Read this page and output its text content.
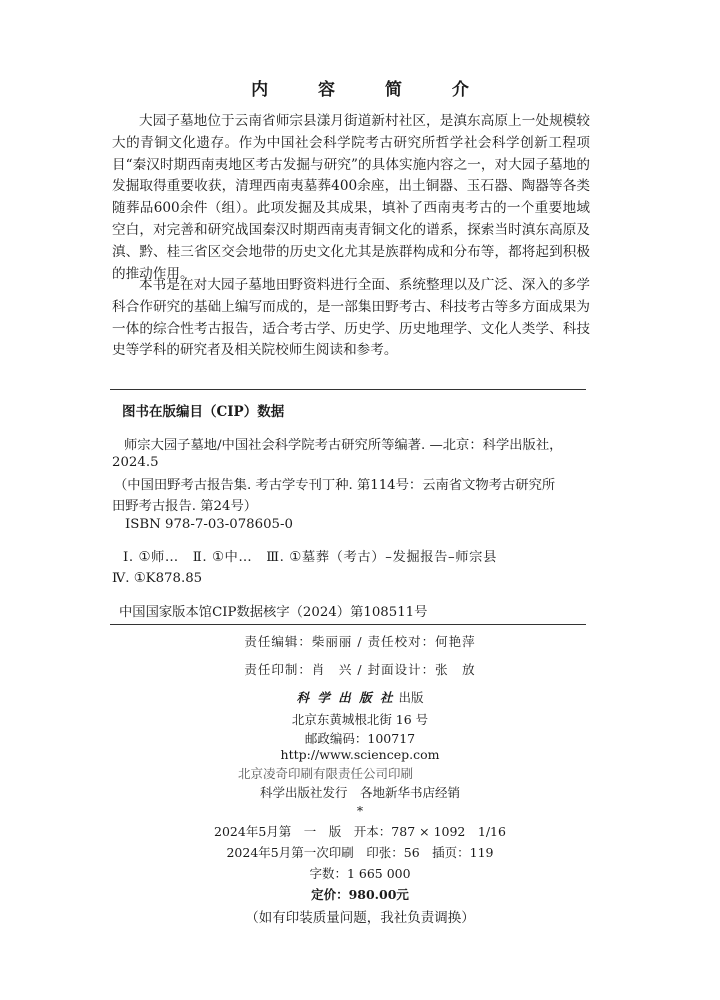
内 容 简 介
大园子墓地位于云南省师宗县漾月街道新村社区，是滇东高原上一处规模较大的青铜文化遗存。作为中国社会科学院考古研究所哲学社会科学创新工程项目“秦汉时期西南夷地区考古发掘与研究”的具体实施内容之一，对大园子墓地的发掘取得重要收获，清理西南夷墓葬400余座，出土铜器、玉石器、陶器等各类随葬品600余件（组）。此项发掘及其成果，填补了西南夷考古的一个重要地域空白，对完善和研究战国秦汉时期西南夷青铜文化的谱系，探索当时滇东高原及滇、黔、桂三省区交会地带的历史文化尤其是族群构成和分布等，都将起到积极的推动作用。
本书是在对大园子墓地田野资料进行全面、系统整理以及广泛、深入的多学科合作研究的基础上编写而成的，是一部集田野考古、科技考古等多方面成果为一体的综合性考古报告，适合考古学、历史学、历史地理学、文化人类学、科技史等学科的研究者及相关院校师生阅读和参考。
图书在版编目（CIP）数据
师宗大园子墓地/中国社会科学院考古研究所等编著. —北京：科学出版社，
2024.5
（中国田野考古报告集. 考古学专刊丁种. 第114号：云南省文物考古研究所
田野考古报告. 第24号）
ISBN 978-7-03-078605-0
Ⅰ. ①师…　Ⅱ. ①中…　Ⅲ. ①墓葬（考古）–发掘报告–师宗县
Ⅳ. ①K878.85
中国国家版本馆CIP数据核字（2024）第108511号
责任编辑：柴丽丽 / 责任校对：何艳萍
责任印制：肖　兴 / 封面设计：张　放
科 学 出 版 社 出版
北京东黄城根北街 16 号
邮政编码：100717
http://www.sciencep.com
北京凌奇印刷有限责任公司印刷
科学出版社发行　各地新华书店经销
*
2024年5月第　一　版　开本：787 × 1092　1/16
2024年5月第一次印刷　印张：56　插页：119
字数：1 665 000
定价：980.00元
（如有印装质量问题，我社负责调换）
